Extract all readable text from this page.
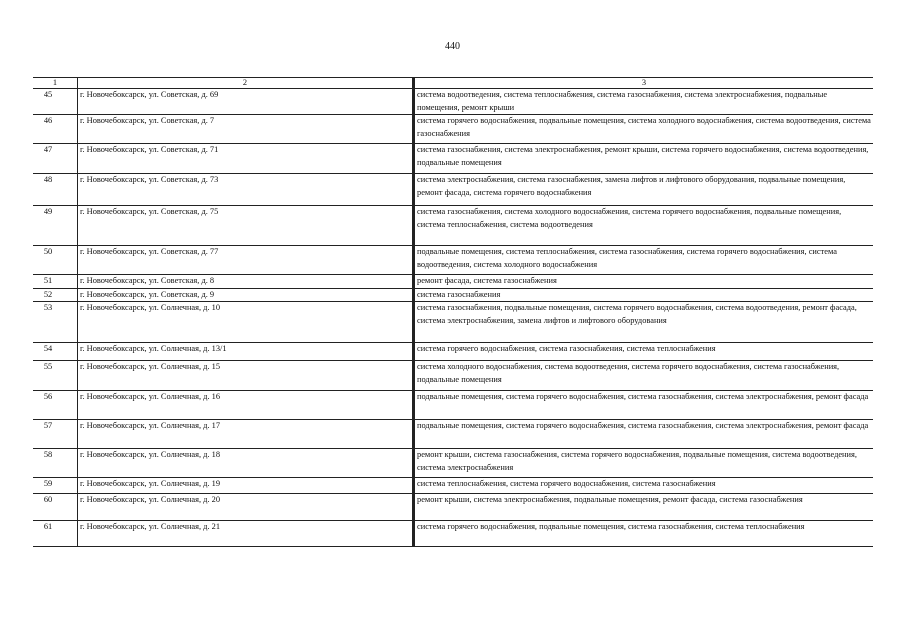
440
1	2	3
45	г. Новочебоксарск, ул. Советская, д. 69	система водоотведения, система теплоснабжения, система газоснабжения, система электроснабжения, подвальные помещения, ремонт крыши
46	г. Новочебоксарск, ул. Советская, д. 7	система горячего водоснабжения, подвальные помещения, система холодного водоснабжения, система водоотведения, система газоснабжения
47	г. Новочебоксарск, ул. Советская, д. 71	система газоснабжения, система электроснабжения, ремонт крыши, система горячего водоснабжения, система водоотведения, подвальные помещения
48	г. Новочебоксарск, ул. Советская, д. 73	система электроснабжения, система газоснабжения, замена лифтов и лифтового оборудования, подвальные помещения, ремонт фасада, система горячего водоснабжения
49	г. Новочебоксарск, ул. Советская, д. 75	система газоснабжения, система холодного водоснабжения, система горячего водоснабжения, подвальные помещения, система теплоснабжения, система водоотведения
50	г. Новочебоксарск, ул. Советская, д. 77	подвальные помещения, система теплоснабжения, система газоснабжения, система горячего водоснабжения, система водоотведения, система холодного водоснабжения
51	г. Новочебоксарск, ул. Советская, д. 8	ремонт фасада, система газоснабжения
52	г. Новочебоксарск, ул. Советская, д. 9	система газоснабжения
53	г. Новочебоксарск, ул. Солнечная, д. 10	система газоснабжения, подвальные помещения, система горячего водоснабжения, система водоотведения, ремонт фасада, система электроснабжения, замена лифтов и лифтового оборудования
54	г. Новочебоксарск, ул. Солнечная, д. 13/1	система горячего водоснабжения, система газоснабжения, система теплоснабжения
55	г. Новочебоксарск, ул. Солнечная, д. 15	система холодного водоснабжения, система водоотведения, система горячего водоснабжения, система газоснабжения, подвальные помещения
56	г. Новочебоксарск, ул. Солнечная, д. 16	подвальные помещения, система горячего водоснабжения, система газоснабжения, система электроснабжения, ремонт фасада
57	г. Новочебоксарск, ул. Солнечная, д. 17	подвальные помещения, система горячего водоснабжения, система газоснабжения, система электроснабжения, ремонт фасада
58	г. Новочебоксарск, ул. Солнечная, д. 18	ремонт крыши, система газоснабжения, система горячего водоснабжения, подвальные помещения, система водоотведения, система электроснабжения
59	г. Новочебоксарск, ул. Солнечная, д. 19	система теплоснабжения, система горячего водоснабжения, система газоснабжения
60	г. Новочебоксарск, ул. Солнечная, д. 20	ремонт крыши, система электроснабжения, подвальные помещения, ремонт фасада, система газоснабжения
61	г. Новочебоксарск, ул. Солнечная, д. 21	система горячего водоснабжения, подвальные помещения, система газоснабжения, система теплоснабжения
